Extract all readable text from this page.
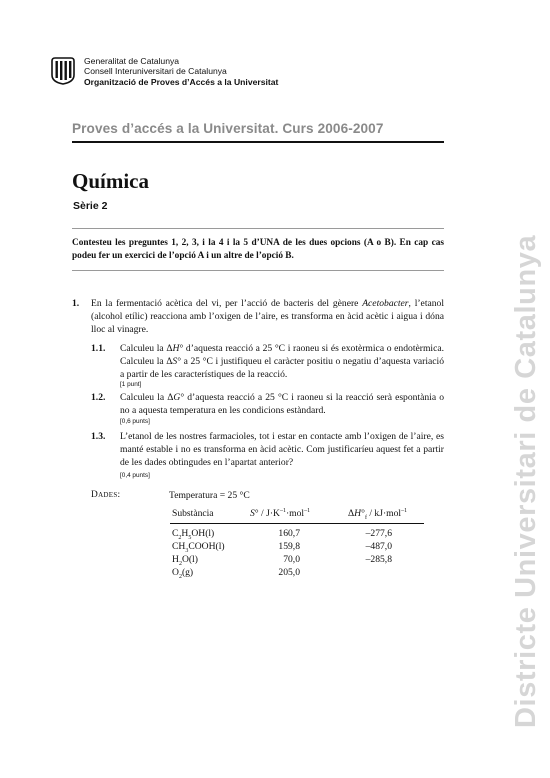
Generalitat de Catalunya
Consell Interuniversitari de Catalunya
Organització de Proves d’Accés a la Universitat
Proves d’accés a la Universitat. Curs 2006-2007
Química
Sèrie 2
Contesteu les preguntes 1, 2, 3, i la 4 i la 5 d’UNA de les dues opcions (A o B). En cap cas podeu fer un exercici de l’opció A i un altre de l’opció B.
1. En la fermentació acètica del vi, per l’acció de bacteris del gènere Acetobacter, l’etanol (alcohol etílic) reacciona amb l’oxigen de l’aire, es transforma en àcid acètic i aigua i dóna lloc al vinagre.
1.1. Calculeu la ΔH° d’aquesta reacció a 25 °C i raoneu si és exotèrmica o endotèrmica. Calculeu la ΔS° a 25 °C i justifiqueu el caràcter positiu o negatiu d’aquesta variació a partir de les característiques de la reacció.
[1 punt]
1.2. Calculeu la ΔG° d’aquesta reacció a 25 °C i raoneu si la reacció serà espontània o no a aquesta temperatura en les condicions estàndard.
[0,6 punts]
1.3. L’etanol de les nostres farmacioles, tot i estar en contacte amb l’oxigen de l’aire, es manté estable i no es transforma en àcid acètic. Com justificaríeu aquest fet a partir de les dades obtingudes en l’apartat anterior?
[0,4 punts]
Dades:	Temperatura = 25 °C
Substància	$S^\circ / J\cdot K^{-1}\cdot mol^{-1}$	$\Delta H^\circ_f / kJ\cdot mol^{-1}$
$C_2H_5OH(l)$	160,7	–277,6
$CH_3COOH(l)$	159,8	–487,0
$H_2O(l)$	70,0	–285,8
$O_2(g)$	205,0	Districte Universitari de Catalunya
